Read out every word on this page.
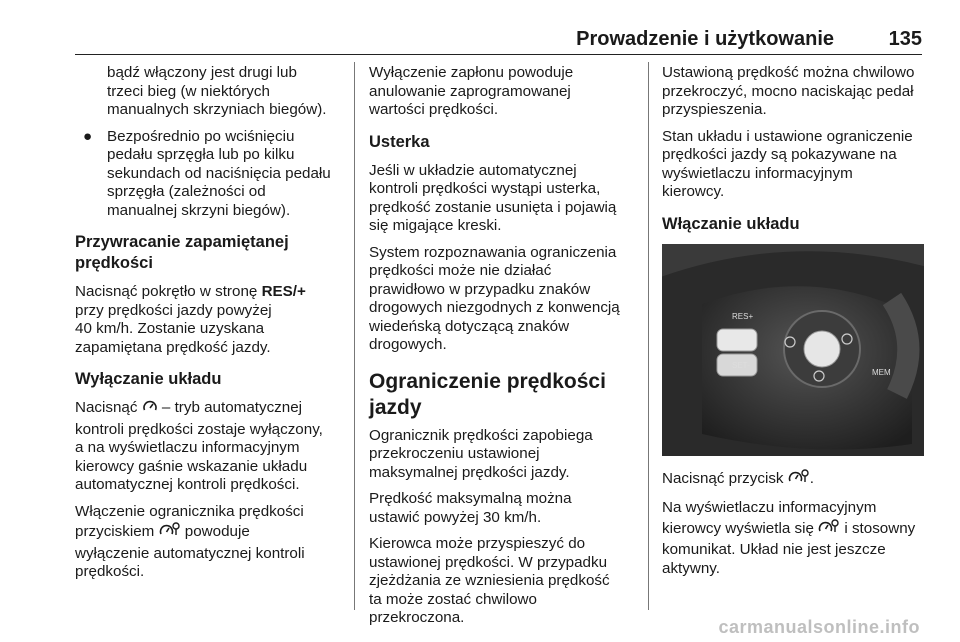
Prowadzenie i użytkowanie	135

bądź włączony jest drugi lub
trzeci bieg (w niektórych
manualnych skrzyniach biegów).

● Bezpośrednio po wciśnięciu
pedału sprzęgła lub po kilku
sekundach od naciśnięcia pedału
sprzęgła (zależności od
manualnej skrzyni biegów).
Przywracanie zapamiętanej
prędkości

Nacisnąć pokrętło w stronę RES/+
przy prędkości jazdy powyżej
40 km/h. Zostanie uzyskana
zapamiętana prędkość jazdy.

Wyłączanie układu

Nacisnąć  – tryb automatycznej
kontroli prędkości zostaje wyłączony,
a na wyświetlaczu informacyjnym
kierowcy gaśnie wskazanie układu
automatycznej kontroli prędkości.

Włączenie ogranicznika prędkości
przyciskiem  powoduje
wyłączenie automatycznej kontroli
prędkości.

Wyłączenie zapłonu powoduje
anulowanie zaprogramowanej
wartości prędkości.

Usterka

Jeśli w układzie automatycznej
kontroli prędkości wystąpi usterka,
prędkość zostanie usunięta i pojawią
się migające kreski.

System rozpoznawania ograniczenia
prędkości może nie działać
prawidłowo w przypadku znaków
drogowych niezgodnych z konwencją
wiedeńską dotyczącą znaków
drogowych.

Ograniczenie prędkości
jazdy

Ogranicznik prędkości zapobiega
przekroczeniu ustawionej
maksymalnej prędkości jazdy.

Prędkość maksymalną można
ustawić powyżej 30 km/h.

Kierowca może przyspieszyć do
ustawionej prędkości. W przypadku
zjeżdżania ze wzniesienia prędkość
ta może zostać chwilowo
przekroczona.

Ustawioną prędkość można chwilowo
przekroczyć, mocno naciskając pedał
przyspieszenia.

Stan układu i ustawione ograniczenie
prędkości jazdy są pokazywane na
wyświetlaczu informacyjnym
kierowcy.

Włączanie układu
RES+
SET-
MEM

Nacisnąć przycisk .

Na wyświetlaczu informacyjnym
kierowcy wyświetla się  i stosowny
komunikat. Układ nie jest jeszcze
aktywny.

carmanualsonline.info
